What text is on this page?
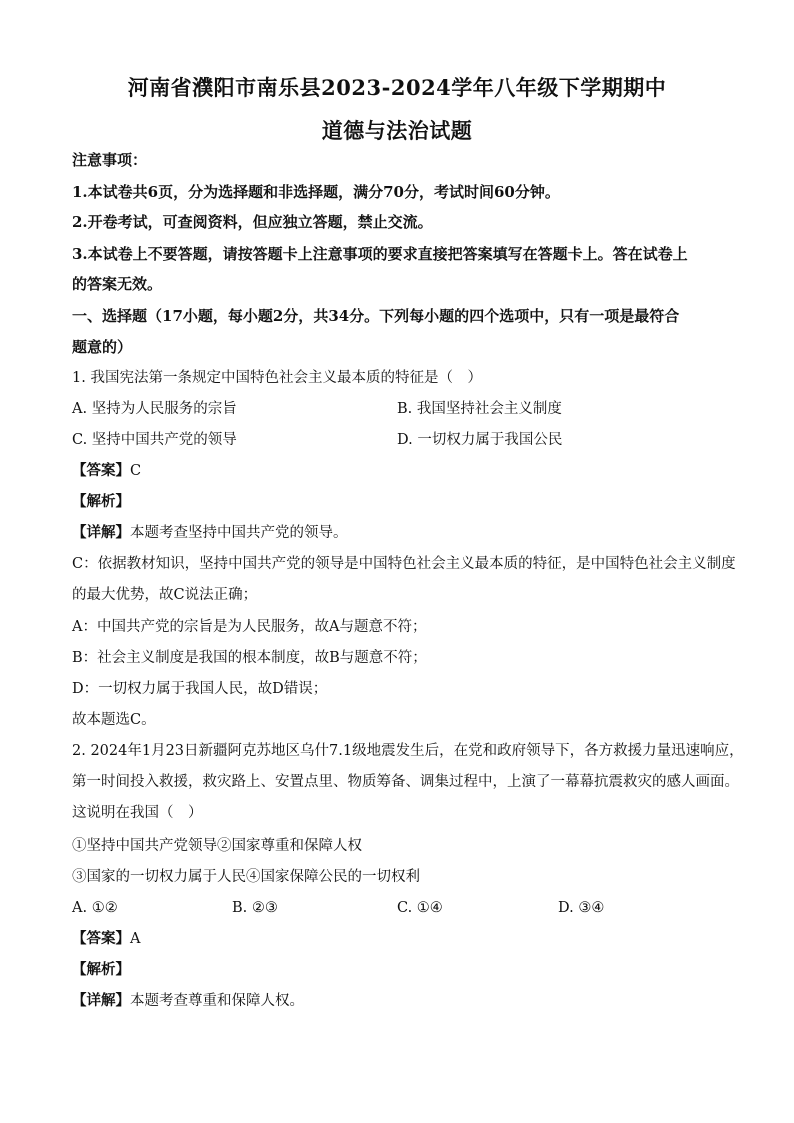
河南省濮阳市南乐县2023-2024学年八年级下学期期中
道德与法治试题
注意事项：
1.本试卷共6页，分为选择题和非选择题，满分70分，考试时间60分钟。
2.开卷考试，可查阅资料，但应独立答题，禁止交流。
3.本试卷上不要答题，请按答题卡上注意事项的要求直接把答案填写在答题卡上。答在试卷上
的答案无效。
一、选择题（17小题，每小题2分，共34分。下列每小题的四个选项中，只有一项是最符合
题意的）
1. 我国宪法第一条规定中国特色社会主义最本质的特征是（　）
A. 坚持为人民服务的宗旨	B. 我国坚持社会主义制度
C. 坚持中国共产党的领导	D. 一切权力属于我国公民
【答案】C
【解析】
【详解】本题考查坚持中国共产党的领导。
C：依据教材知识，坚持中国共产党的领导是中国特色社会主义最本质的特征，是中国特色社会主义制度
的最大优势，故C说法正确；
A：中国共产党的宗旨是为人民服务，故A与题意不符；
B：社会主义制度是我国的根本制度，故B与题意不符；
D：一切权力属于我国人民，故D错误；
故本题选C。
2. 2024年1月23日新疆阿克苏地区乌什7.1级地震发生后，在党和政府领导下，各方救援力量迅速响应，
第一时间投入救援，救灾路上、安置点里、物质筹备、调集过程中，上演了一幕幕抗震救灾的感人画面。
这说明在我国（　）
①坚持中国共产党领导②国家尊重和保障人权
③国家的一切权力属于人民④国家保障公民的一切权利
A. ①②	B. ②③	C. ①④	D. ③④
【答案】A
【解析】
【详解】本题考查尊重和保障人权。
